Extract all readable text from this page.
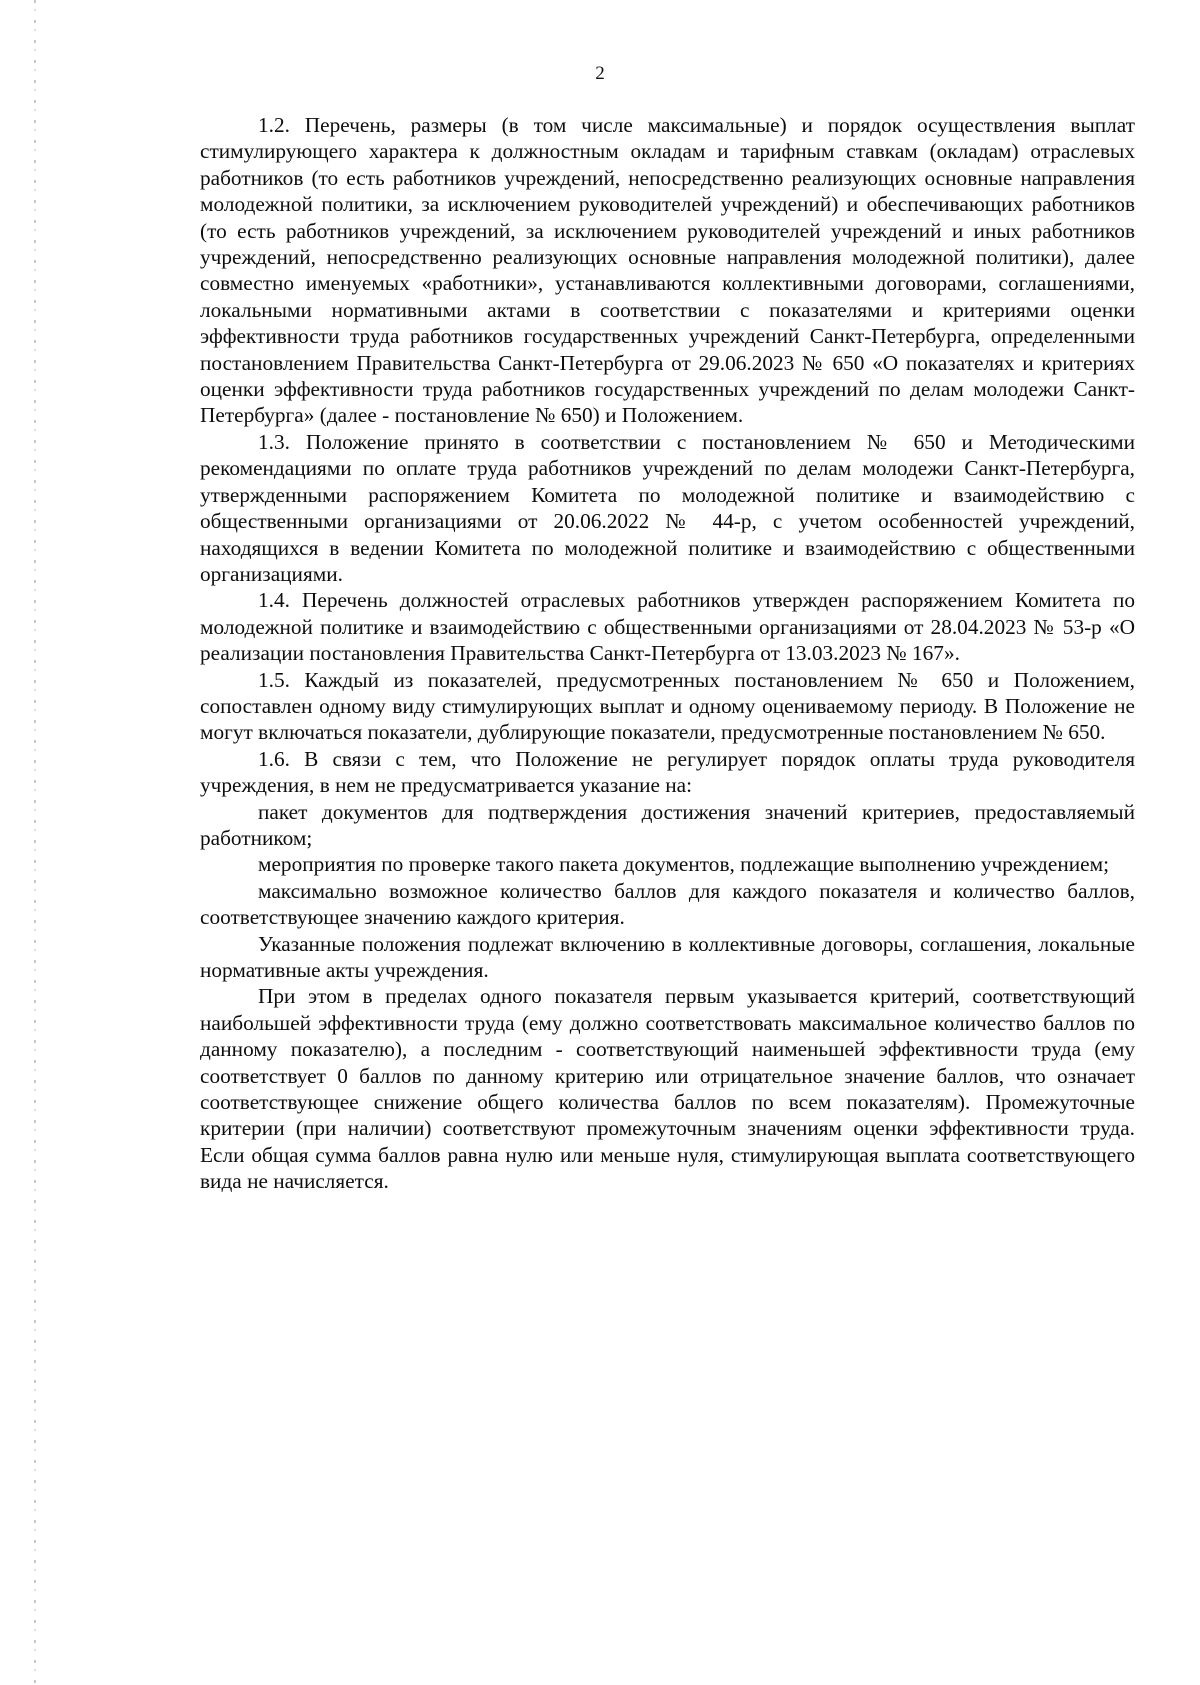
2

1.2. Перечень, размеры (в том числе максимальные) и порядок осуществления выплат стимулирующего характера к должностным окладам и тарифным ставкам (окладам) отраслевых работников (то есть работников учреждений, непосредственно реализующих основные направления молодежной политики, за исключением руководителей учреждений) и обеспечивающих работников (то есть работников учреждений, за исключением руководителей учреждений и иных работников учреждений, непосредственно реализующих основные направления молодежной политики), далее совместно именуемых «работники», устанавливаются коллективными договорами, соглашениями, локальными нормативными актами в соответствии с показателями и критериями оценки эффективности труда работников государственных учреждений Санкт-Петербурга, определенными постановлением Правительства Санкт-Петербурга от 29.06.2023 № 650 «О показателях и критериях оценки эффективности труда работников государственных учреждений по делам молодежи Санкт-Петербурга» (далее - постановление № 650) и Положением.

1.3. Положение принято в соответствии с постановлением № 650 и Методическими рекомендациями по оплате труда работников учреждений по делам молодежи Санкт-Петербурга, утвержденными распоряжением Комитета по молодежной политике и взаимодействию с общественными организациями от 20.06.2022 № 44-р, с учетом особенностей учреждений, находящихся в ведении Комитета по молодежной политике и взаимодействию с общественными организациями.

1.4. Перечень должностей отраслевых работников утвержден распоряжением Комитета по молодежной политике и взаимодействию с общественными организациями от 28.04.2023 № 53-р «О реализации постановления Правительства Санкт-Петербурга от 13.03.2023 № 167».

1.5. Каждый из показателей, предусмотренных постановлением № 650 и Положением, сопоставлен одному виду стимулирующих выплат и одному оцениваемому периоду. В Положение не могут включаться показатели, дублирующие показатели, предусмотренные постановлением № 650.

1.6. В связи с тем, что Положение не регулирует порядок оплаты труда руководителя учреждения, в нем не предусматривается указание на:

пакет документов для подтверждения достижения значений критериев, предоставляемый работником;

мероприятия по проверке такого пакета документов, подлежащие выполнению учреждением;

максимально возможное количество баллов для каждого показателя и количество баллов, соответствующее значению каждого критерия.

Указанные положения подлежат включению в коллективные договоры, соглашения, локальные нормативные акты учреждения.

При этом в пределах одного показателя первым указывается критерий, соответствующий наибольшей эффективности труда (ему должно соответствовать максимальное количество баллов по данному показателю), а последним - соответствующий наименьшей эффективности труда (ему соответствует 0 баллов по данному критерию или отрицательное значение баллов, что означает соответствующее снижение общего количества баллов по всем показателям). Промежуточные критерии (при наличии) соответствуют промежуточным значениям оценки эффективности труда. Если общая сумма баллов равна нулю или меньше нуля, стимулирующая выплата соответствующего вида не начисляется.
